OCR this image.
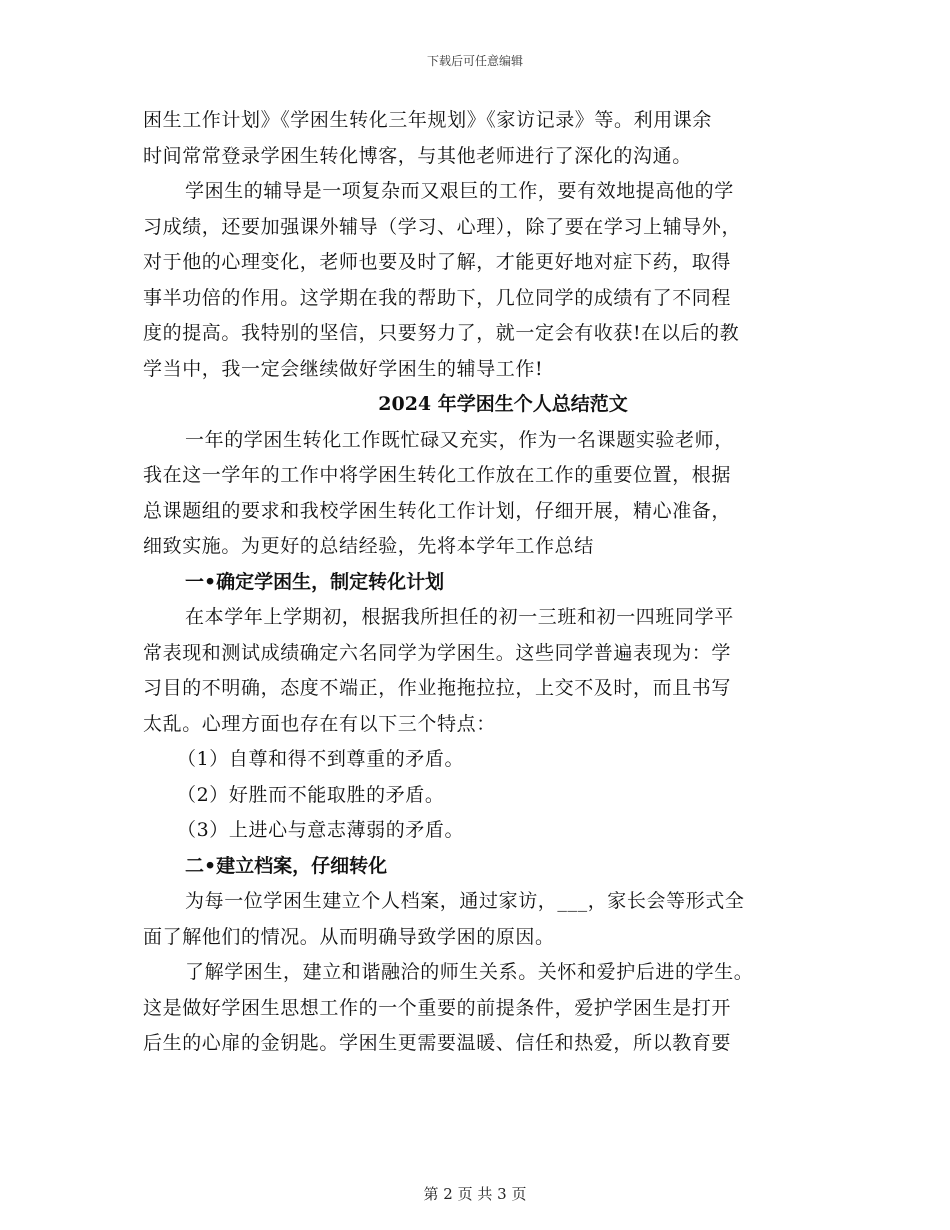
下载后可任意编辑

困生工作计划》《学困生转化三年规划》《家访记录》等。利用课余

时间常常登录学困生转化博客，与其他老师进行了深化的沟通。

学困生的辅导是一项复杂而又艰巨的工作，要有效地提高他的学

习成绩，还要加强课外辅导（学习、心理），除了要在学习上辅导外，

对于他的心理变化，老师也要及时了解，才能更好地对症下药，取得

事半功倍的作用。这学期在我的帮助下，几位同学的成绩有了不同程

度的提高。我特别的坚信，只要努力了，就一定会有收获!在以后的教

学当中，我一定会继续做好学困生的辅导工作!

2024 年学困生个人总结范文

一年的学困生转化工作既忙碌又充实，作为一名课题实验老师，

我在这一学年的工作中将学困生转化工作放在工作的重要位置，根据

总课题组的要求和我校学困生转化工作计划，仔细开展，精心准备，

细致实施。为更好的总结经验，先将本学年工作总结

一•确定学困生，制定转化计划

在本学年上学期初，根据我所担任的初一三班和初一四班同学平

常表现和测试成绩确定六名同学为学困生。这些同学普遍表现为：学

习目的不明确，态度不端正，作业拖拖拉拉，上交不及时，而且书写

太乱。心理方面也存在有以下三个特点：

（1）自尊和得不到尊重的矛盾。

（2）好胜而不能取胜的矛盾。

（3）上进心与意志薄弱的矛盾。

二•建立档案，仔细转化

为每一位学困生建立个人档案，通过家访，___，家长会等形式全

面了解他们的情况。从而明确导致学困的原因。

了解学困生，建立和谐融洽的师生关系。关怀和爱护后进的学生。

这是做好学困生思想工作的一个重要的前提条件，爱护学困生是打开

后生的心扉的金钥匙。学困生更需要温暖、信任和热爱，所以教育要

第 2 页 共 3 页
